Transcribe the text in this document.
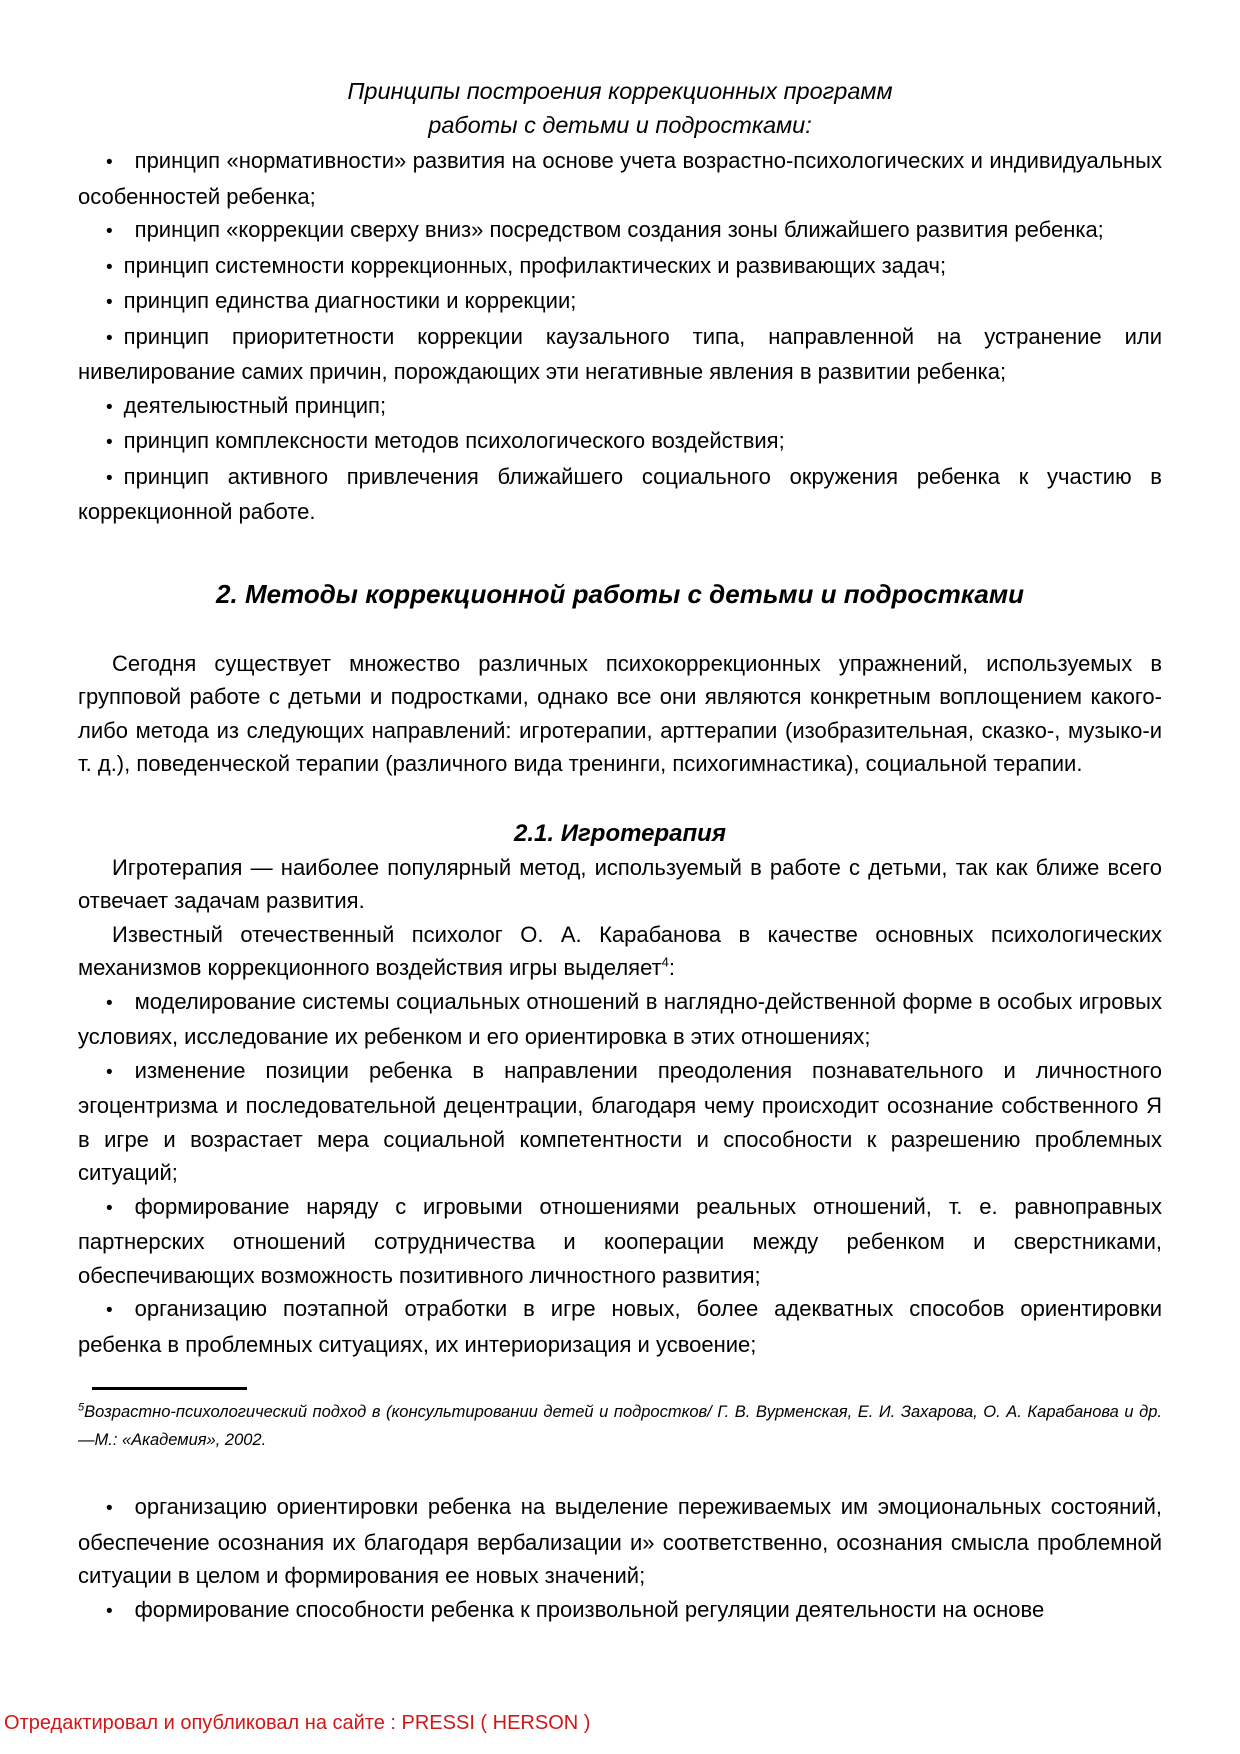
Принципы построения коррекционных программ
работы с детьми и подростками:

• принцип «нормативности» развития на основе учета возрастно-психологических и индивидуальных особенностей ребенка;

• принцип «коррекции сверху вниз» посредством создания зоны ближайшего развития ребенка;

• принцип системности коррекционных, профилактических и развивающих задач;

• принцип единства диагностики и коррекции;

• принцип приоритетности коррекции каузального типа, направленной на устранение или нивелирование самих причин, порождающих эти негативные явления в развитии ребенка;

• деятелыюстный принцип;

• принцип комплексности методов психологического воздействия;

• принцип активного привлечения ближайшего социального окружения ребенка к участию в коррекционной работе.

2. Методы коррекционной работы с детьми и подростками

Сегодня существует множество различных психокоррекционных упражнений, используемых в групповой работе с детьми и подростками, однако все они являются конкретным воплощением какого-либо метода из следующих направлений: игротерапии, арттерапии (изобразительная, сказко-, музыко-и т. д.), поведенческой терапии (различного вида тренинги, психогимнастика), социальной терапии.

2.1. Игротерапия

Игротерапия — наиболее популярный метод, используемый в работе с детьми, так как ближе всего отвечает задачам развития.

Известный отечественный психолог О. А. Карабанова в качестве основных психологических механизмов коррекционного воздействия игры выделяет$^4$:

• моделирование системы социальных отношений в наглядно-действенной форме в особых игровых условиях, исследование их ребенком и его ориентировка в этих отношениях;

• изменение позиции ребенка в направлении преодоления познавательного и личностного эгоцентризма и последовательной децентрации, благодаря чему происходит осознание собственного Я в игре и возрастает мера социальной компетентности и способности к разрешению проблемных ситуаций;

• формирование наряду с игровыми отношениями реальных отношений, т. е. равноправных партнерских отношений сотрудничества и кооперации между ребенком и сверстниками, обеспечивающих возможность позитивного личностного развития;

• организацию поэтапной отработки в игре новых, более адекватных способов ориентировки ребенка в проблемных ситуациях, их интериоризация и усвоение;

$^5$Возрастно-психологический подход в (консультировании детей и подростков/ Г. В. Вурменская, Е. И. Захарова, О. А. Карабанова и др. —М.: «Академия», 2002.

• организацию ориентировки ребенка на выделение переживаемых им эмоциональных состояний, обеспечение осознания их благодаря вербализации и» соответственно, осознания смысла проблемной ситуации в целом и формирования ее новых значений;

• формирование способности ребенка к произвольной регуляции деятельности на основе

Отредактировал и опубликовал на сайте : PRESSI ( HERSON )
